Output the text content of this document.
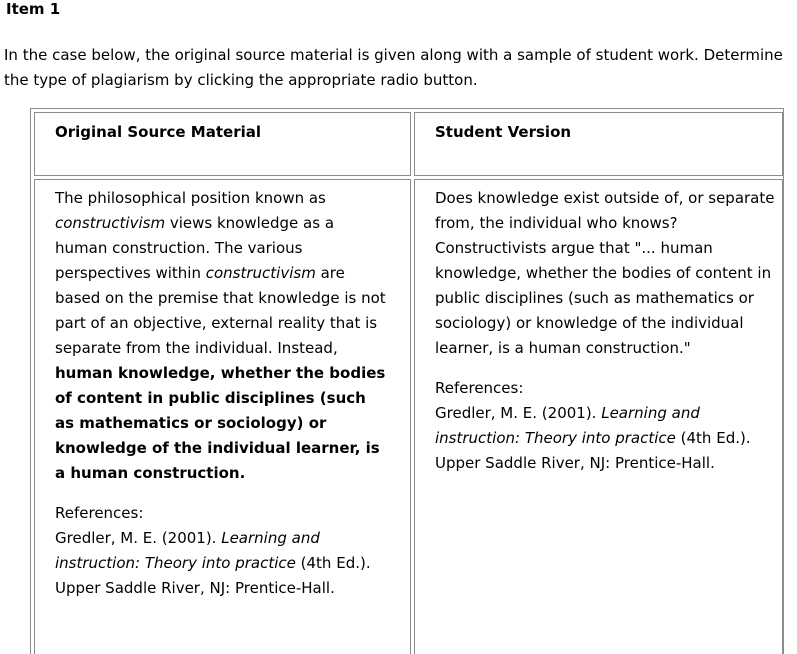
Item 1
In the case below, the original source material is given along with a sample of student work. Determine the type of plagiarism by clicking the appropriate radio button.
Original Source Material	Student Version
The philosophical position known as constructivism views knowledge as a human construction. The various perspectives within constructivism are based on the premise that knowledge is not part of an objective, external reality that is separate from the individual. Instead, human knowledge, whether the bodies of content in public disciplines (such as mathematics or sociology) or knowledge of the individual learner, is a human construction.
References:
Gredler, M. E. (2001). Learning and instruction: Theory into practice (4th Ed.). Upper Saddle River, NJ: Prentice-Hall.
Does knowledge exist outside of, or separate from, the individual who knows? Constructivists argue that "... human knowledge, whether the bodies of content in public disciplines (such as mathematics or sociology) or knowledge of the individual learner, is a human construction."
References:
Gredler, M. E. (2001). Learning and instruction: Theory into practice (4th Ed.). Upper Saddle River, NJ: Prentice-Hall.
